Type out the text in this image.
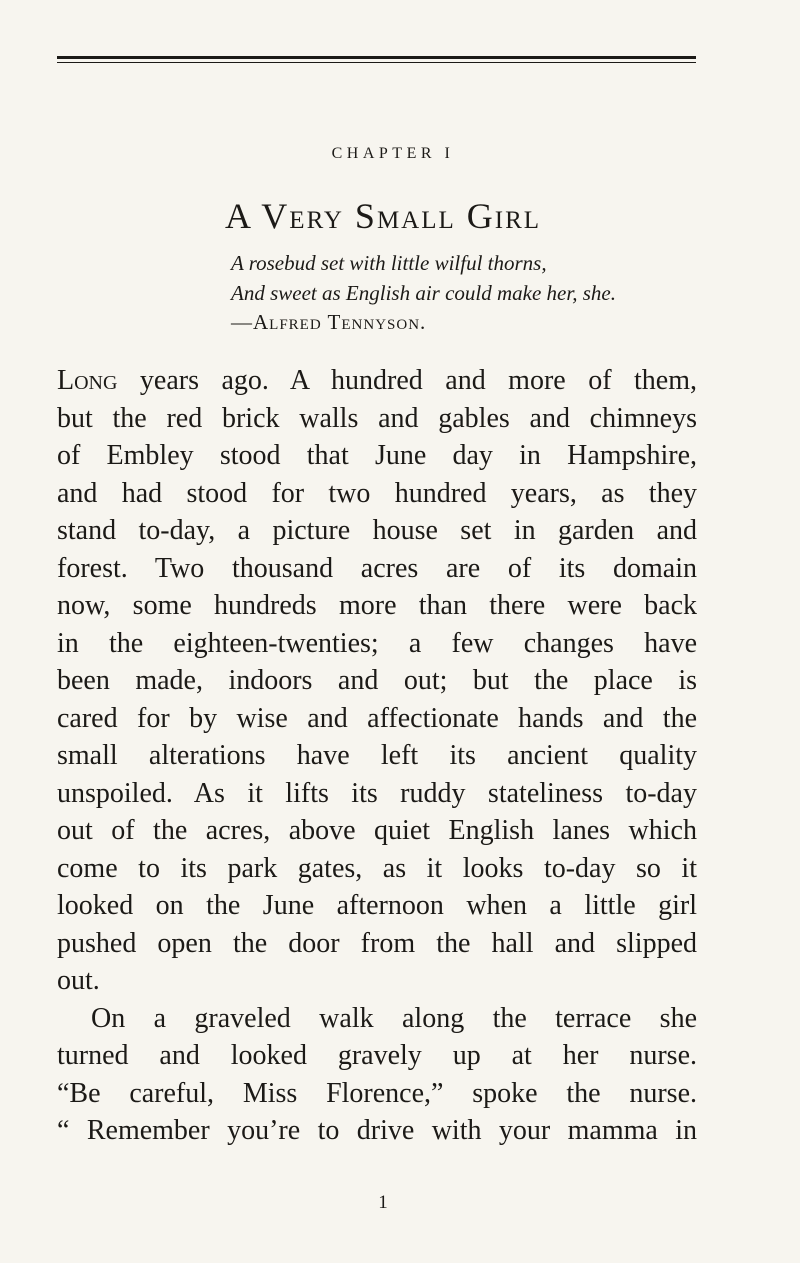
CHAPTER I
A Very Small Girl
A rosebud set with little wilful thorns,
And sweet as English air could make her, she.
—Alfred Tennyson.
Long years ago. A hundred and more of them,
but the red brick walls and gables and chimneys
of Embley stood that June day in Hampshire,
and had stood for two hundred years, as they
stand to-day, a picture house set in garden and
forest. Two thousand acres are of its domain
now, some hundreds more than there were back
in the eighteen-twenties; a few changes have
been made, indoors and out; but the place is
cared for by wise and affectionate hands and the
small alterations have left its ancient quality
unspoiled. As it lifts its ruddy stateliness to-day
out of the acres, above quiet English lanes which
come to its park gates, as it looks to-day so it
looked on the June afternoon when a little girl
pushed open the door from the hall and slipped
out.
On a graveled walk along the terrace she
turned and looked gravely up at her nurse.
“Be careful, Miss Florence,” spoke the nurse.
“ Remember you’re to drive with your mamma in
1
